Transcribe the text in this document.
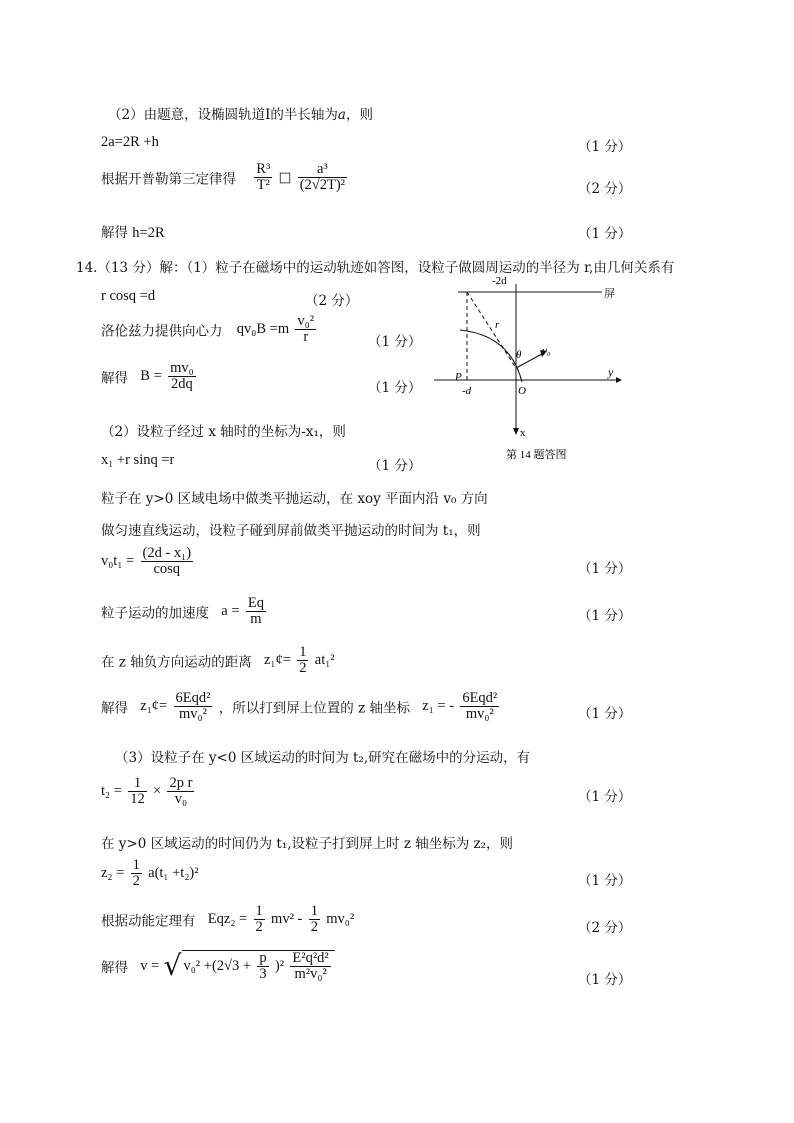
（2）由题意，设椭圆轨道Ⅰ的半长轴为a，则
2a=2R +h	（1 分）
根据开普勒第三定律得 $\frac{\text{R³}}{\text{T²}}$ □ $\frac{\text{a³}}{\text{(2√2T)²}}$	（2 分）
解得 h=2R	（1 分）
14.（13 分）解：（1）粒子在磁场中的运动轨迹如答图，设粒子做圆周运动的半径为 r,由几何关系有
r cosq =d	（2 分）
洛伦兹力提供向心力 $qv_0B =m \frac{\text{v₀²}}{r}$	（1 分）
解得 $B = \frac{\text{mv₀}}{2dq}$	（1 分）
（2）设粒子经过 x 轴时的坐标为-x₁，则
x₁ +r sinq =r	（1 分）
粒子在 y>0 区域电场中做类平抛运动，在 xoy 平面内沿 v₀ 方向
做匀速直线运动，设粒子碰到屏前做类平抛运动的时间为 t₁，则
$v_0t_1 = \frac{\text{(2d - x₁)}}{\cos q}$	（1 分）
粒子运动的加速度 $a = \frac{Eq}{m}$	（1 分）
在 z 轴负方向运动的距离 z₁¢= $\frac{1}{2} at_1^2$
解得 z₁¢= $\frac{\text{6Eqd²}}{\text{mv₀²}}$ ，所以打到屏上位置的 z 轴坐标 z₁ = - $\frac{\text{6Eqd²}}{\text{mv₀²}}$	（1 分）
（3）设粒子在 y<0 区域运动的时间为 t₂,研究在磁场中的分运动，有
$t_2 = \frac{1}{12} \times \frac{\text{2p r}}{\text{v₀}}$	（1 分）
在 y>0 区域运动的时间仍为 t₁,设粒子打到屏上时 z 轴坐标为 z₂，则
$z_2 = \frac{1}{2} a(t_1 +t_2)^2$	（1 分）
根据动能定理有 $Eqz_2 = \frac{1}{2} mv^2 - \frac{1}{2} mv_0^2$
（2 分）
解得 v = √ $v_0^2 +(2√3 + \frac{p}{3} )^2 \frac{\text{E²q²d²}}{\text{m²v₀²}}$	（1 分）
-2d
屏
r
θ v₀
y
P
-d	O
x
第 14 题答图
